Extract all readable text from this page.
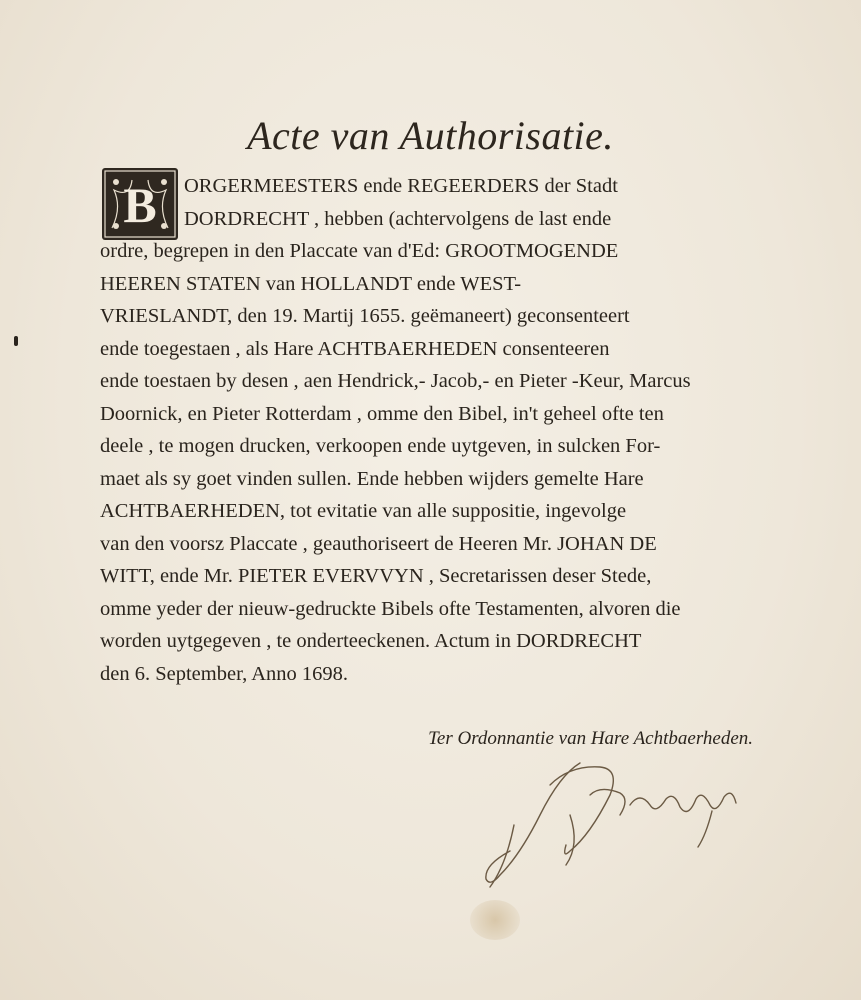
Acte van Authorisatie.
B ORGERMEESTERS ende REGEERDERS der Stadt
DORDRECHT , hebben (achtervolgens de last ende
ordre, begrepen in den Placcate van d'Ed: GROOTMOGENDE
HEEREN STATEN van HOLLANDT ende WEST-
VRIESLANDT, den 19. Martij 1655. geëmaneert) geconsenteert
ende toegestaen , als Hare ACHTBAERHEDEN consenteeren
ende toestaen by desen , aen Hendrick,- Jacob,- en Pieter -Keur, Marcus
Doornick, en Pieter Rotterdam , omme den Bibel, in't geheel ofte ten
deele , te mogen drucken, verkoopen ende uytgeven, in sulcken For-
maet als sy goet vinden sullen. Ende hebben wijders gemelte Hare
ACHTBAERHEDEN, tot evitatie van alle suppositie, ingevolge
van den voorsz Placcate , geauthoriseert de Heeren Mr. JOHAN DE
WITT, ende Mr. PIETER EVERVVYN , Secretarissen deser Stede,
omme yeder der nieuw-gedruckte Bibels ofte Testamenten, alvoren die
worden uytgegeven , te onderteeckenen. Actum in DORDRECHT
den 6. September, Anno 1698.
Ter Ordonnantie van Hare Achtbaerheden.
